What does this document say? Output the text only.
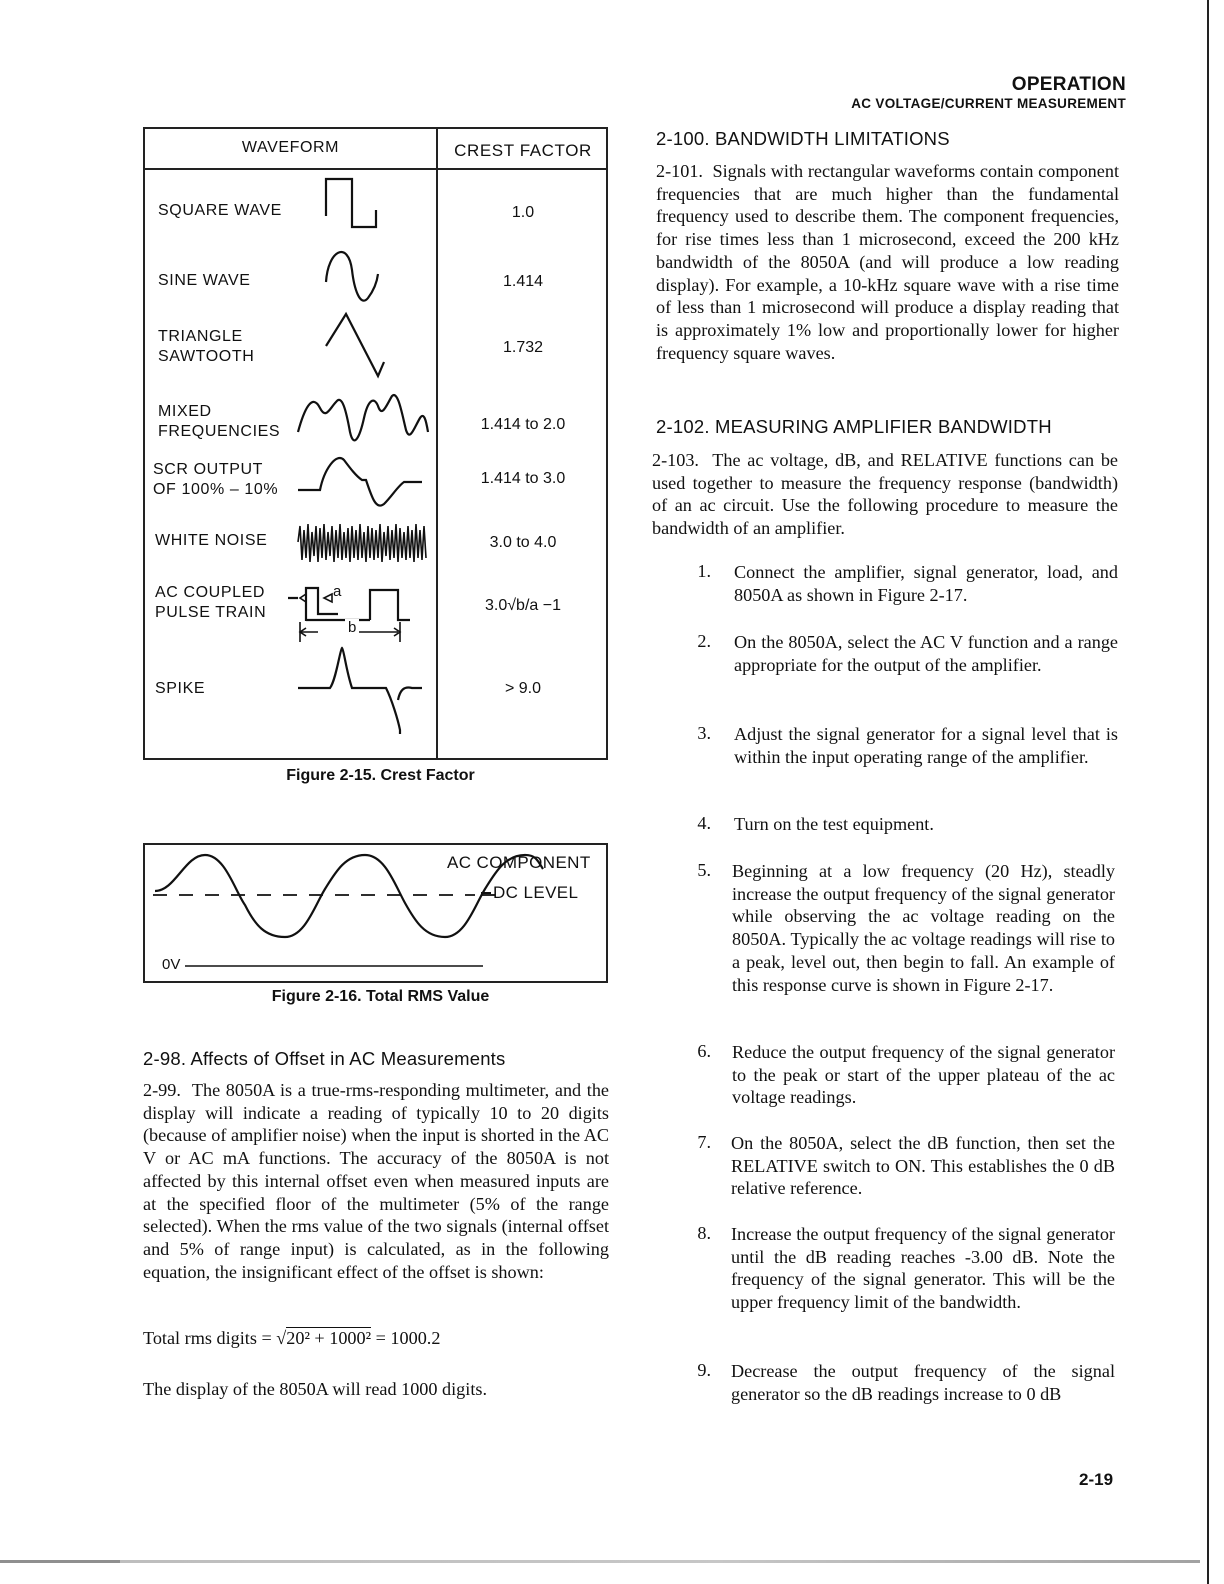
OPERATION
AC VOLTAGE/CURRENT MEASUREMENT
WAVEFORM	CREST FACTOR
SQUARE WAVE
SINE WAVE
TRIANGLE
SAWTOOTH
MIXED
FREQUENCIES
SCR OUTPUT
OF 100% – 10%
WHITE NOISE
AC COUPLED
PULSE TRAIN
SPIKE
1.0
1.414
1.732
1.414 to 2.0
1.414 to 3.0
3.0 to 4.0
3.0√b/a −1
> 9.0
a
b
Figure 2-15. Crest Factor
AC COMPONENT
DC LEVEL
0V
Figure 2-16. Total RMS Value
2-98. Affects of Offset in AC Measurements
2-99. The 8050A is a true-rms-responding multimeter, and the display will indicate a reading of typically 10 to 20 digits (because of amplifier noise) when the input is shorted in the AC V or AC mA functions. The accuracy of the 8050A is not affected by this internal offset even when measured inputs are at the specified floor of the multimeter (5% of the range selected). When the rms value of the two signals (internal offset and 5% of range input) is calculated, as in the following equation, the insignificant effect of the offset is shown:
Total rms digits = √20² + 1000² = 1000.2
The display of the 8050A will read 1000 digits.
2-100. BANDWIDTH LIMITATIONS
2-101. Signals with rectangular waveforms contain component frequencies that are much higher than the fundamental frequency used to describe them. The component frequencies, for rise times less than 1 microsecond, exceed the 200 kHz bandwidth of the 8050A (and will produce a low reading display). For example, a 10-kHz square wave with a rise time of less than 1 microsecond will produce a display reading that is approximately 1% low and proportionally lower for higher frequency square waves.
2-102. MEASURING AMPLIFIER BANDWIDTH
2-103. The ac voltage, dB, and RELATIVE functions can be used together to measure the frequency response (bandwidth) of an ac circuit. Use the following procedure to measure the bandwidth of an amplifier.
1. Connect the amplifier, signal generator, load, and 8050A as shown in Figure 2-17.
2. On the 8050A, select the AC V function and a range appropriate for the output of the amplifier.
3. Adjust the signal generator for a signal level that is within the input operating range of the amplifier.
4. Turn on the test equipment.
5. Beginning at a low frequency (20 Hz), steadly increase the output frequency of the signal generator while observing the ac voltage reading on the 8050A. Typically the ac voltage readings will rise to a peak, level out, then begin to fall. An example of this response curve is shown in Figure 2-17.
6. Reduce the output frequency of the signal generator to the peak or start of the upper plateau of the ac voltage readings.
7. On the 8050A, select the dB function, then set the RELATIVE switch to ON. This establishes the 0 dB relative reference.
8. Increase the output frequency of the signal generator until the dB reading reaches -3.00 dB. Note the frequency of the signal generator. This will be the upper frequency limit of the bandwidth.
9. Decrease the output frequency of the signal generator so the dB readings increase to 0 dB
2-19
